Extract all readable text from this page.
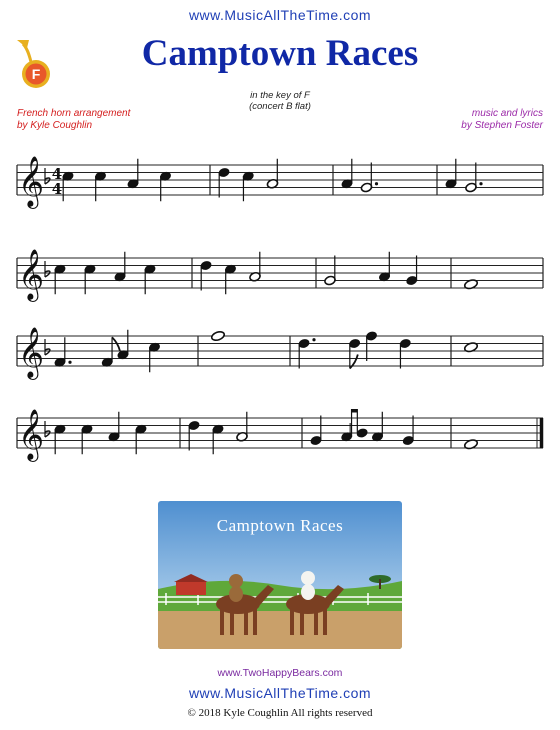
www.MusicAllTheTime.com
F	Camptown Races
in the key of F
(concert B flat)
French horn arrangement
by Kyle Coughlin
music and lyrics
by Stephen Foster
𝄞 4
4
𝄞
𝄞
𝄞
Camptown Races
www.TwoHappyBears.com
www.MusicAllTheTime.com
© 2018 Kyle Coughlin All rights reserved
